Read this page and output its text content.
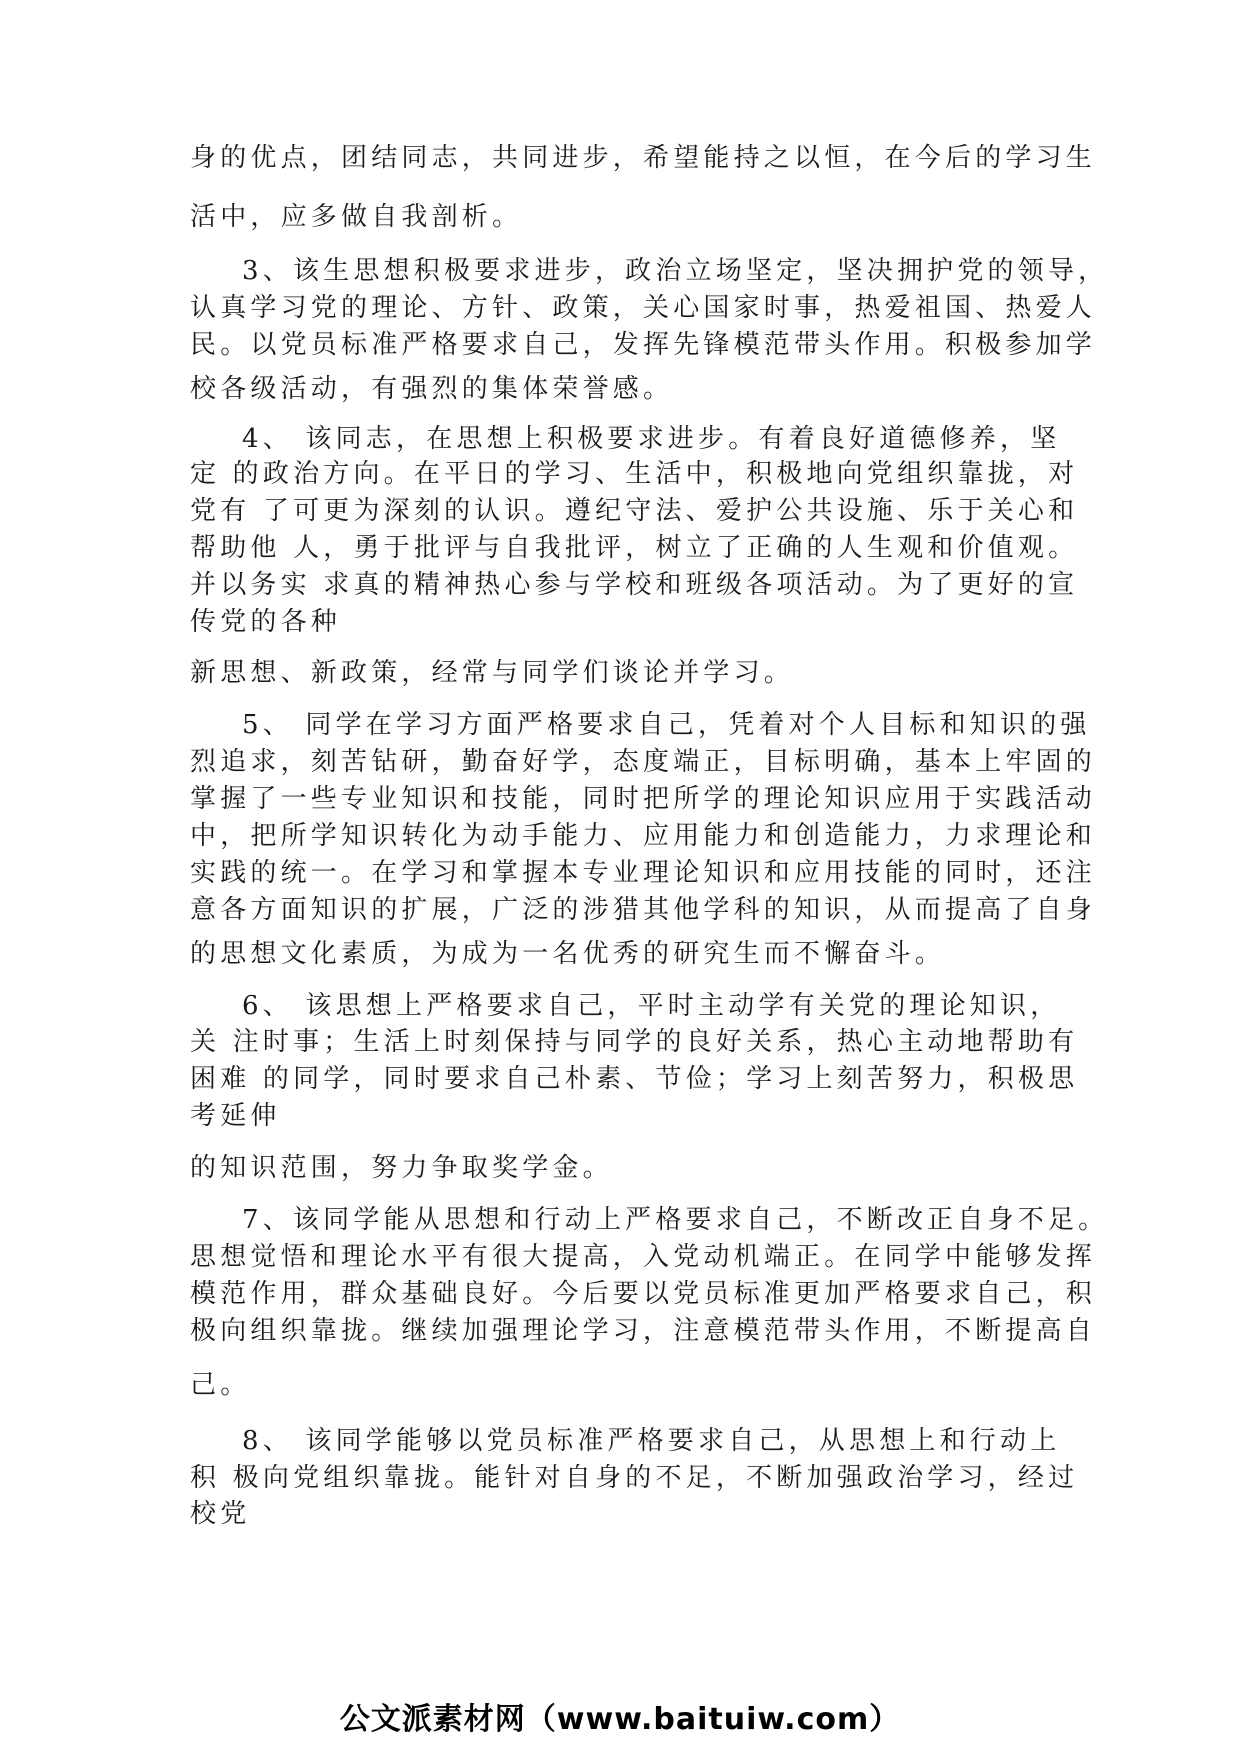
身的优点，团结同志，共同进步，希望能持之以恒，在今后的学习生

活中，应多做自我剖析。

3、该生思想积极要求进步，政治立场坚定，坚决拥护党的领导，

认真学习党的理论、方针、政策，关心国家时事，热爱祖国、热爱人

民。以党员标准严格要求自己，发挥先锋模范带头作用。积极参加学

校各级活动，有强烈的集体荣誉感。

4、 该同志，在思想上积极要求进步。有着良好道德修养，坚

定 的政治方向。在平日的学习、生活中，积极地向党组织靠拢，对

党有 了可更为深刻的认识。遵纪守法、爱护公共设施、乐于关心和

帮助他 人，勇于批评与自我批评，树立了正确的人生观和价值观。

并以务实 求真的精神热心参与学校和班级各项活动。为了更好的宣

传党的各种

新思想、新政策，经常与同学们谈论并学习。

5、 同学在学习方面严格要求自己，凭着对个人目标和知识的强

烈追求，刻苦钻研，勤奋好学，态度端正，目标明确，基本上牢固的

掌握了一些专业知识和技能，同时把所学的理论知识应用于实践活动

中，把所学知识转化为动手能力、应用能力和创造能力，力求理论和

实践的统一。在学习和掌握本专业理论知识和应用技能的同时，还注

意各方面知识的扩展，广泛的涉猎其他学科的知识，从而提高了自身

的思想文化素质，为成为一名优秀的研究生而不懈奋斗。

6、 该思想上严格要求自己，平时主动学有关党的理论知识，

关 注时事；生活上时刻保持与同学的良好关系，热心主动地帮助有

困难 的同学，同时要求自己朴素、节俭；学习上刻苦努力，积极思

考延伸

的知识范围，努力争取奖学金。

7、该同学能从思想和行动上严格要求自己，不断改正自身不足。

思想觉悟和理论水平有很大提高，入党动机端正。在同学中能够发挥

模范作用，群众基础良好。今后要以党员标准更加严格要求自己，积

极向组织靠拢。继续加强理论学习，注意模范带头作用，不断提高自

己。

8、 该同学能够以党员标准严格要求自己，从思想上和行动上

积 极向党组织靠拢。能针对自身的不足，不断加强政治学习，经过

校党

公文派素材网（www.baituiw.com）
